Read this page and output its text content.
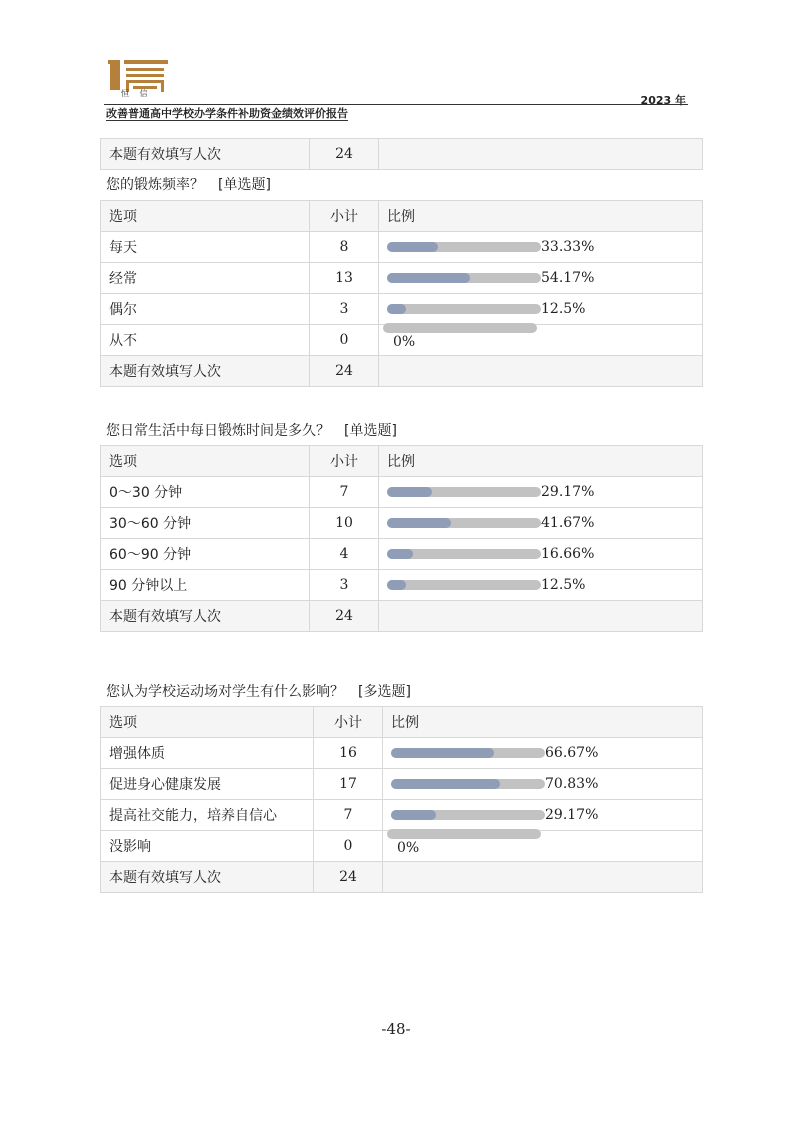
恒 信
2023 年
改善普通高中学校办学条件补助资金绩效评价报告
本题有效填写人次	24	
您的锻炼频率？ [单选题]
选项	小计	比例
每天	8	33.33%
经常	13	54.17%
偶尔	3	12.5%
从不	0	0%

本题有效填写人次	24	
您日常生活中每日锻炼时间是多久？ [单选题]
选项	小计	比例
0～30 分钟	7	29.17%
30～60 分钟	10	41.67%
60～90 分钟	4	16.66%
90 分钟以上	3	12.5%
本题有效填写人次	24	
您认为学校运动场对学生有什么影响？ [多选题]
选项	小计	比例
增强体质	16	66.67%
促进身心健康发展	17	70.83%
提高社交能力，培养自信心	7	29.17%
没影响	0	0%

本题有效填写人次	24	
-48-
